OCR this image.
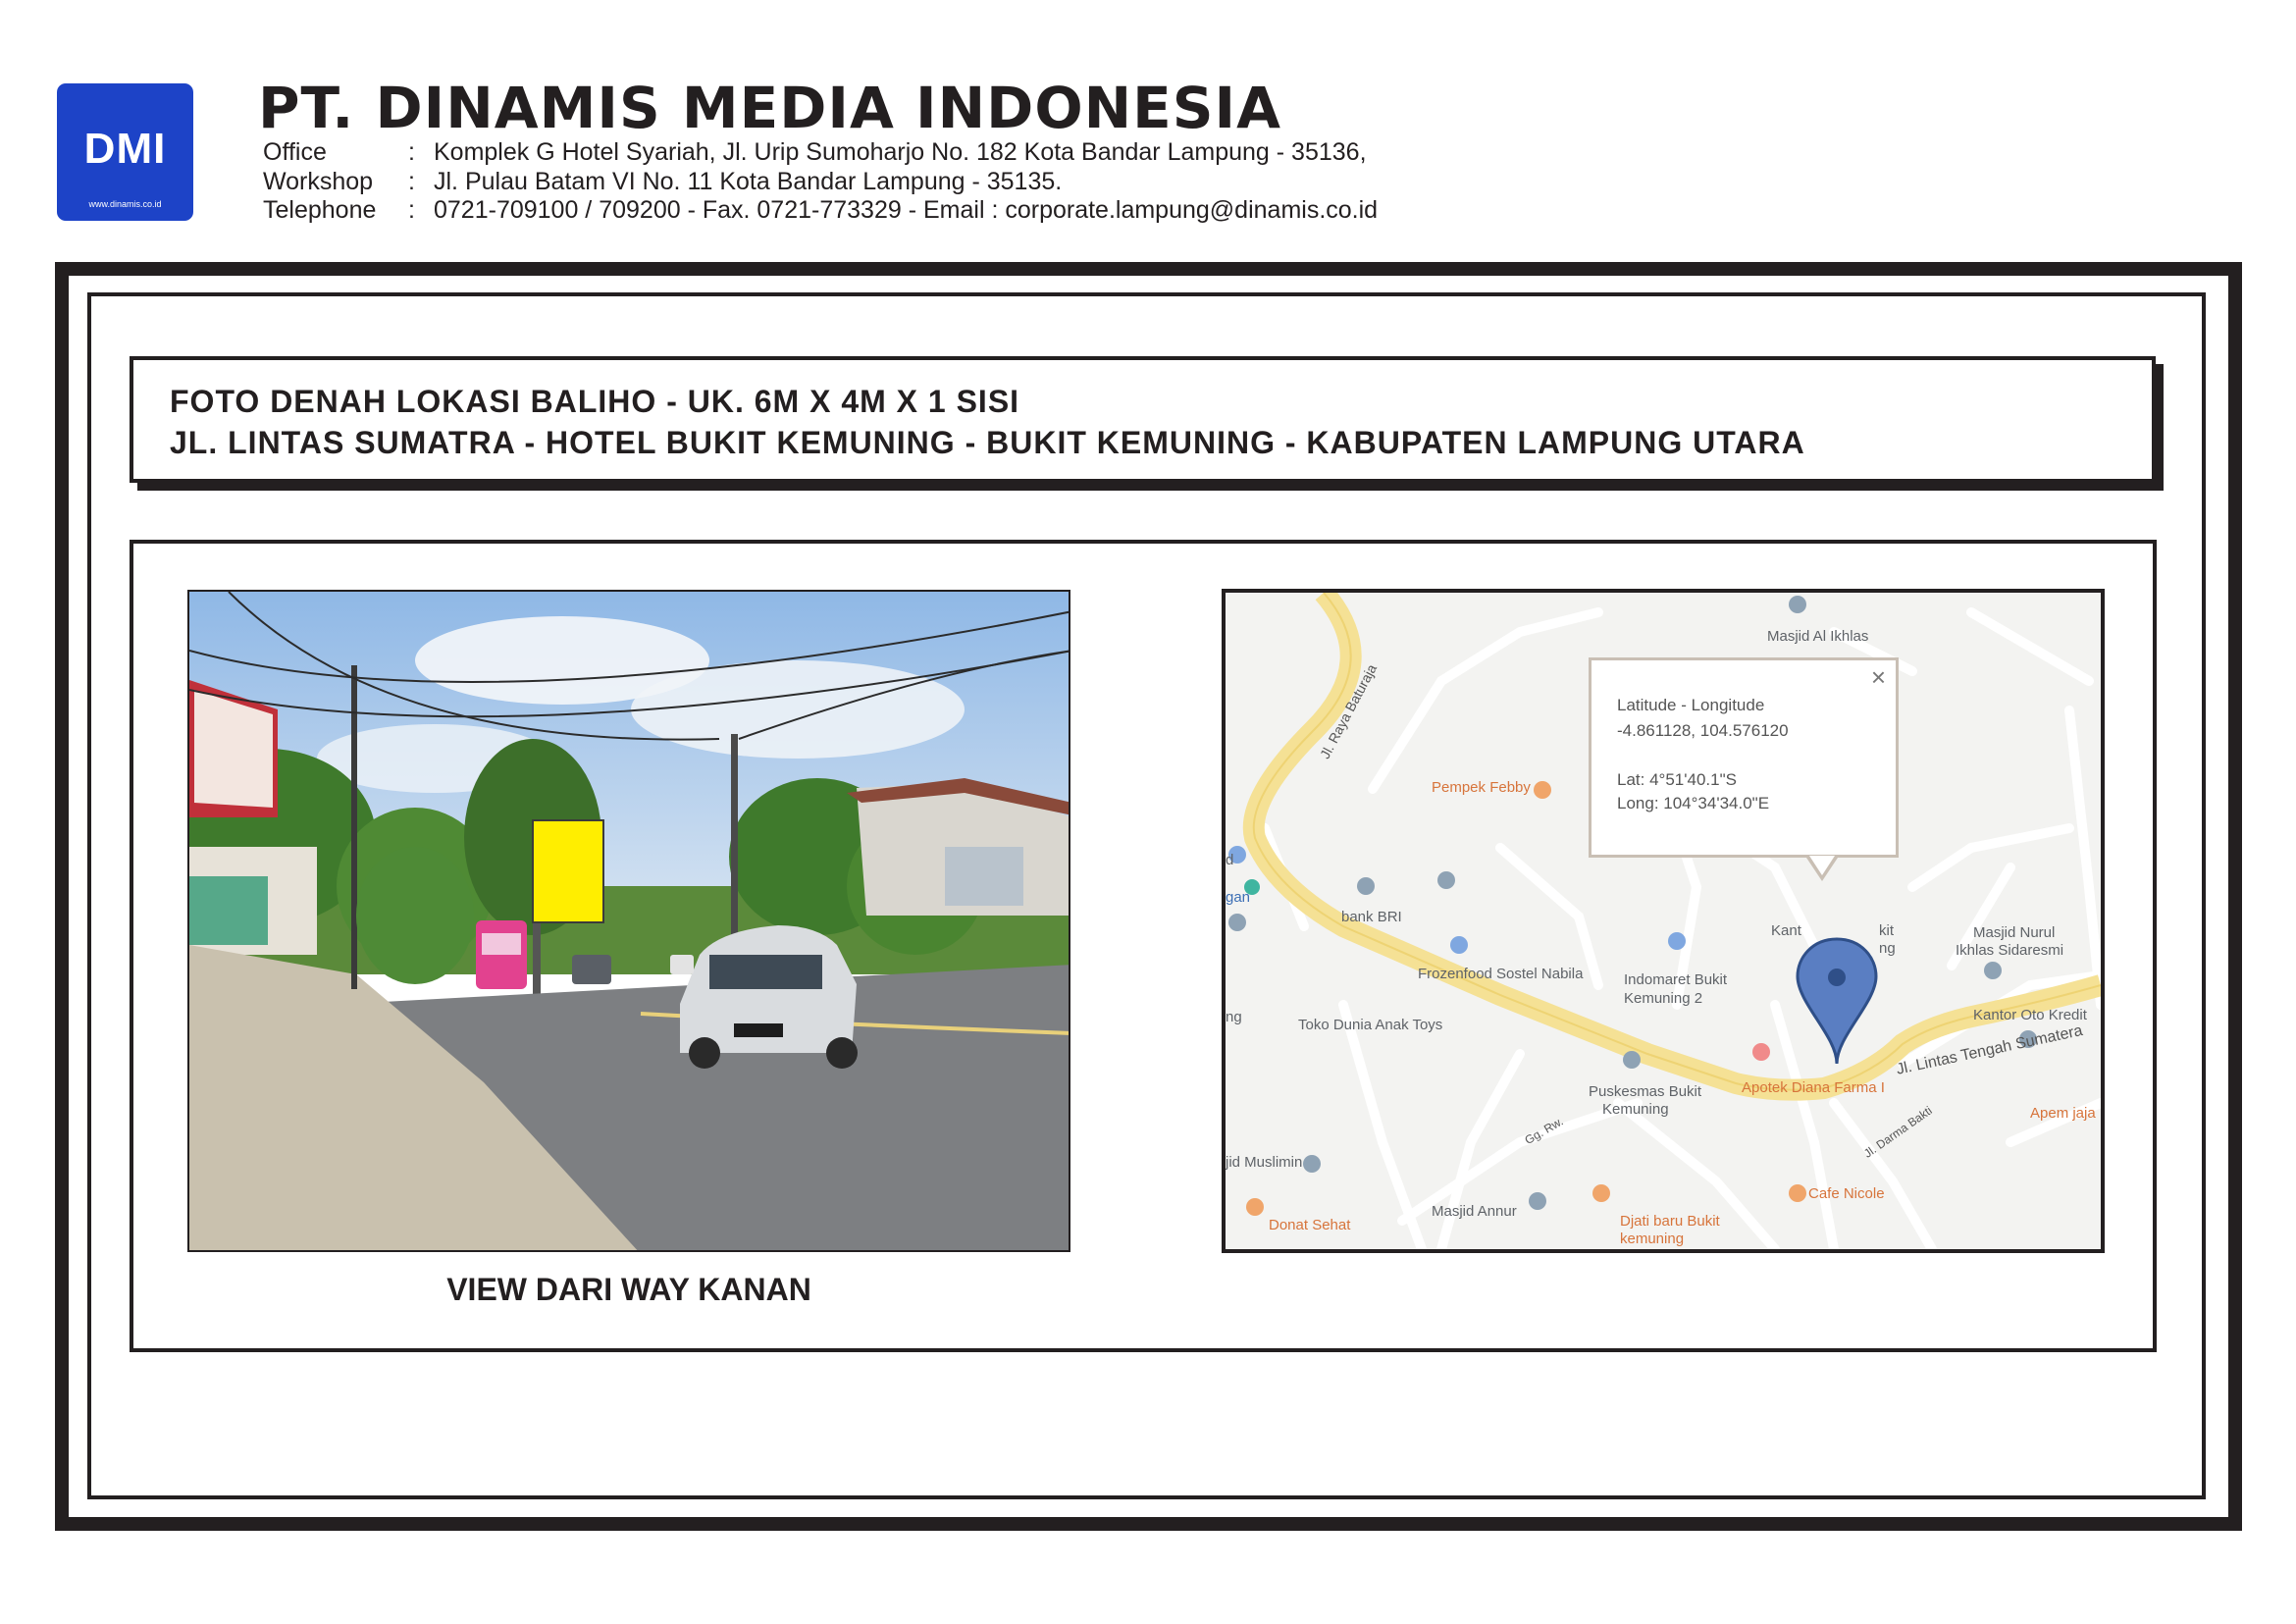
DMI
www.dinamis.co.id
PT. DINAMIS MEDIA INDONESIA
Office	: Komplek G Hotel Syariah, Jl. Urip Sumoharjo No. 182 Kota Bandar Lampung - 35136,
Workshop : Jl. Pulau Batam VI No. 11 Kota Bandar Lampung - 35135.
Telephone : 0721-709100 / 709200 - Fax. 0721-773329 - Email : corporate.lampung@dinamis.co.id
FOTO DENAH LOKASI BALIHO - UK. 6M X 4M X 1 SISI
JL. LINTAS SUMATRA - HOTEL BUKIT KEMUNING - BUKIT KEMUNING - KABUPATEN LAMPUNG UTARA
VIEW DARI WAY KANAN
Masjid Al Ikhlas
Pempek Febby
bank BRI
Frozenfood Sostel Nabila	Indomaret Bukit
Kemuning 2
Kant	kit
ng
Masjid Nurul
Ikhlas Sidaresmi
Kantor Oto Kredit
Toko Dunia Anak Toys
Puskesmas Bukit
Kemuning
Apotek Diana Farma I
Apem jaja
jid Muslimin
Masjid Annur
Djati baru Bukit
kemuning
Cafe Nicole
Donat Sehat
gan
ng
d
Jl. Raya Baturaja
Jl. Lintas Tengah Sumatera
Jl. Darma Bakti
Gg. Rw.
×
Latitude - Longitude
-4.861128, 104.576120
Lat: 4°51'40.1"S
Long: 104°34'34.0"E
